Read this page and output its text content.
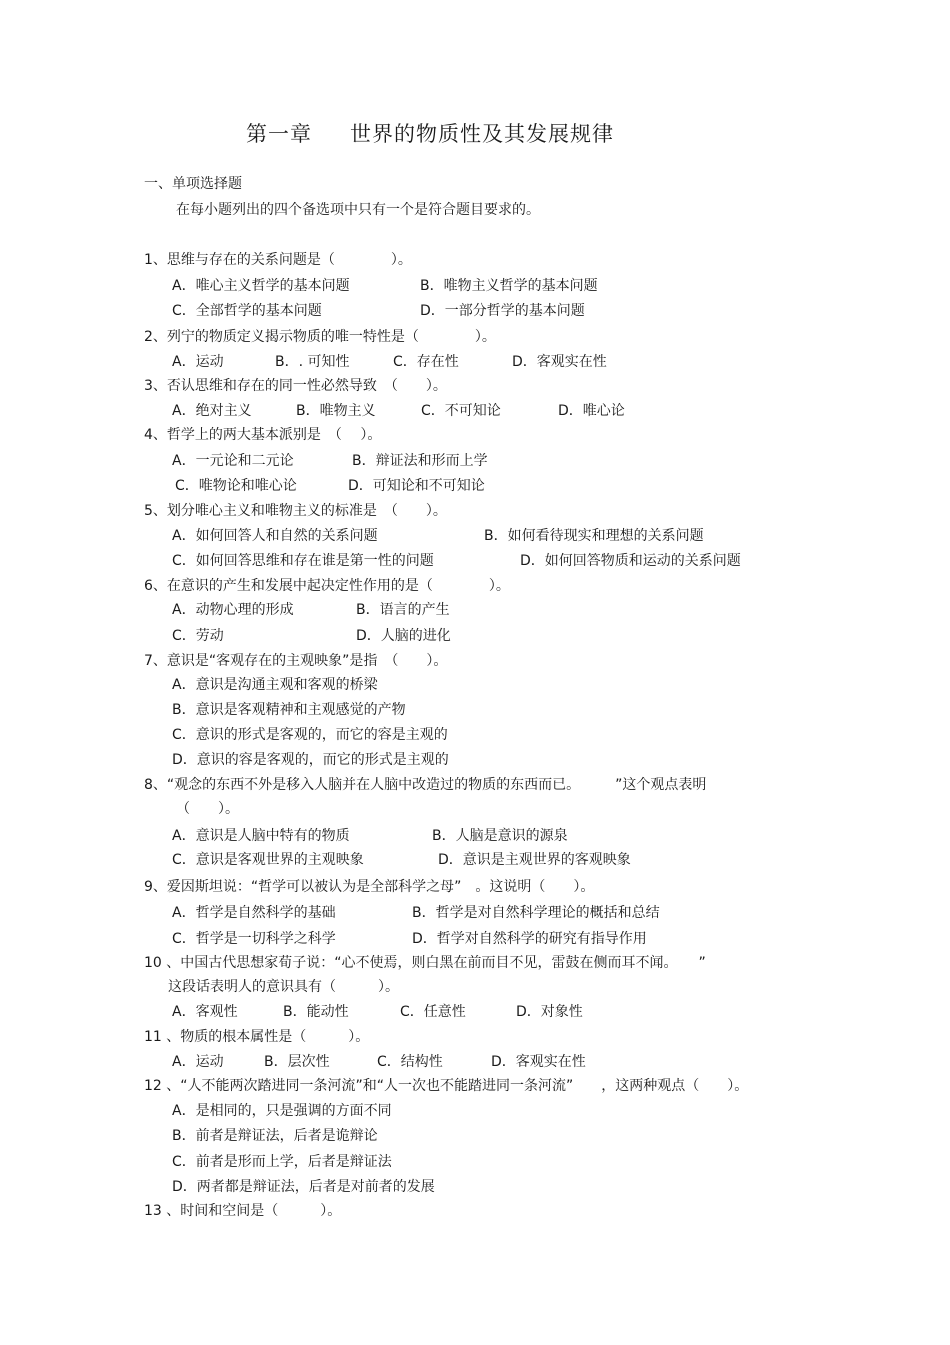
第一章 世界的物质性及其发展规律
一、单项选择题
在每小题列出的四个备选项中只有一个是符合题目要求的。
1、思维与存在的关系问题是（　　　　）。
A．唯心主义哲学的基本问题	B．唯物主义哲学的基本问题
C．全部哲学的基本问题	D．一部分哲学的基本问题
2、列宁的物质定义揭示物质的唯一特性是（　　　　）。
A．运动	B．. 可知性	C．存在性	D．客观实在性
3、否认思维和存在的同一性必然导致　（　　）。
A．绝对主义	B．唯物主义	C．不可知论	D．唯心论
4、哲学上的两大基本派别是　（　 ）。
A．一元论和二元论	B．辩证法和形而上学
C．唯物论和唯心论	D．可知论和不可知论
5、划分唯心主义和唯物主义的标准是　（　　）。
A．如何回答人和自然的关系问题	B．如何看待现实和理想的关系问题
C．如何回答思维和存在谁是第一性的问题	D．如何回答物质和运动的关系问题
6、在意识的产生和发展中起决定性作用的是（　　　　）。
A．动物心理的形成	B．语言的产生
C．劳动	D．人脑的进化
7、意识是“客观存在的主观映象”是指　（　　）。
A．意识是沟通主观和客观的桥梁
B．意识是客观精神和主观感觉的产物
C．意识的形式是客观的，而它的容是主观的
D．意识的容是客观的，而它的形式是主观的
8、“观念的东西不外是移入人脑并在人脑中改造过的物质的东西而已。　　　”这个观点表明
（　　）。
A．意识是人脑中特有的物质	B．人脑是意识的源泉
C．意识是客观世界的主观映象	D．意识是主观世界的客观映象
9、爱因斯坦说：“哲学可以被认为是全部科学之母”　。这说明（　　）。
A．哲学是自然科学的基础	B．哲学是对自然科学理论的概括和总结
C．哲学是一切科学之科学	D．哲学对自然科学的研究有指导作用
10 、中国古代思想家荀子说：“心不使焉，则白黑在前而目不见，雷鼓在侧而耳不闻。　　”
这段话表明人的意识具有（　　　）。
A．客观性	B．能动性	C．任意性	D．对象性
11 、物质的根本属性是（　　　）。
A．运动	B．层次性	C．结构性	D．客观实在性
12 、“人不能两次踏进同一条河流”和“人一次也不能踏进同一条河流”　　，这两种观点（　　）。
A．是相同的，只是强调的方面不同
B．前者是辩证法，后者是诡辩论
C．前者是形而上学，后者是辩证法
D．两者都是辩证法，后者是对前者的发展
13 、时间和空间是（　　　）。
